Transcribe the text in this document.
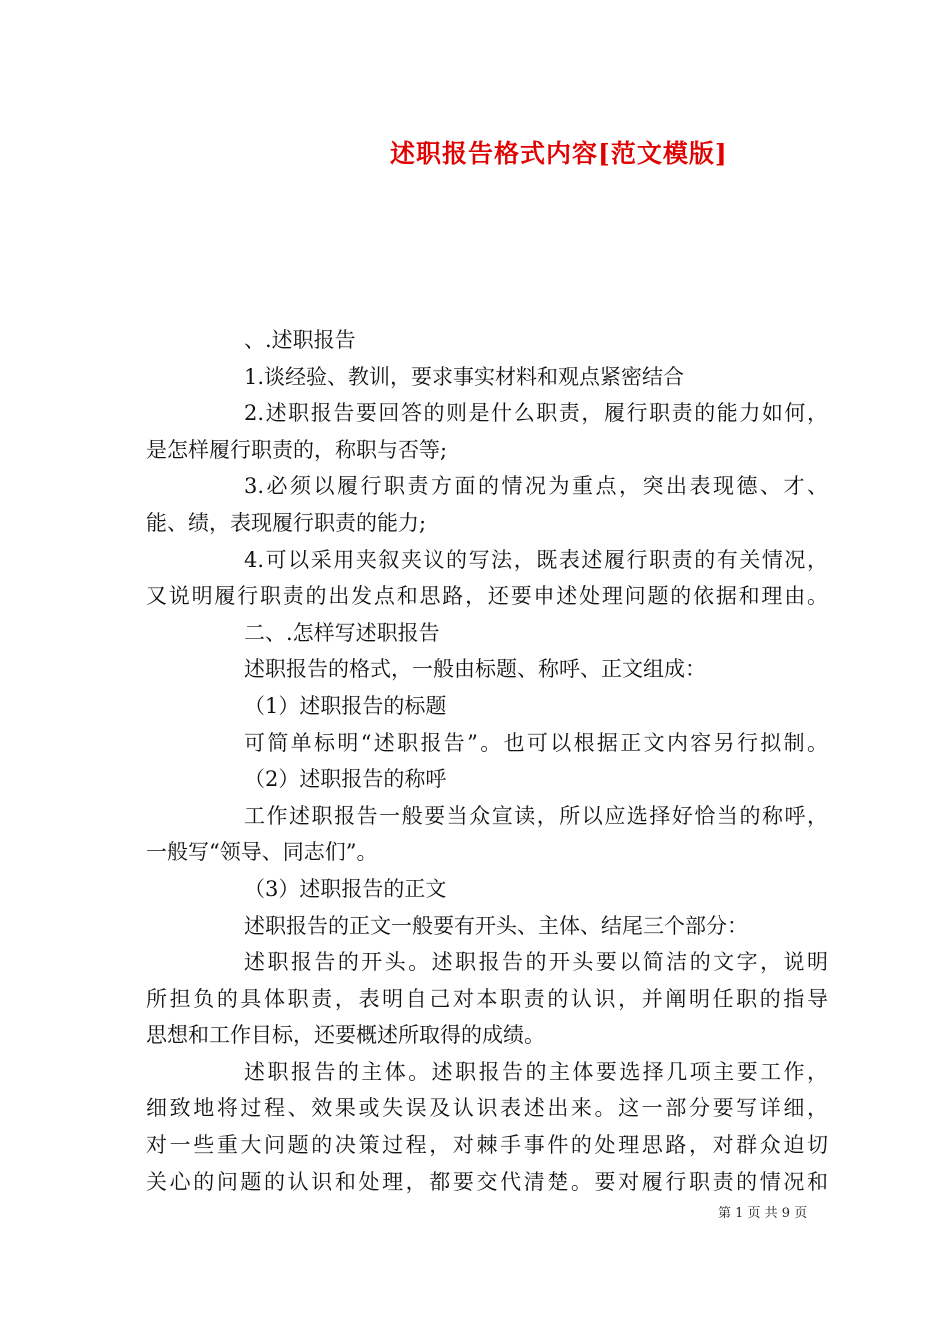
述职报告格式内容[范文模版]
、.述职报告
1.谈经验、教训，要求事实材料和观点紧密结合
2.述职报告要回答的则是什么职责，履行职责的能力如何，
是怎样履行职责的，称职与否等;
3.必须以履行职责方面的情况为重点，突出表现德、才、
能、绩，表现履行职责的能力;
4.可以采用夹叙夹议的写法，既表述履行职责的有关情况，
又说明履行职责的出发点和思路，还要申述处理问题的依据和理由。
二、.怎样写述职报告
述职报告的格式，一般由标题、称呼、正文组成：
（1）述职报告的标题
可简单标明“述职报告”。也可以根据正文内容另行拟制。
（2）述职报告的称呼
工作述职报告一般要当众宣读，所以应选择好恰当的称呼，
一般写“领导、同志们”。
（3）述职报告的正文
述职报告的正文一般要有开头、主体、结尾三个部分：
述职报告的开头。述职报告的开头要以简洁的文字，说明
所担负的具体职责，表明自己对本职责的认识，并阐明任职的指导
思想和工作目标，还要概述所取得的成绩。
述职报告的主体。述职报告的主体要选择几项主要工作，
细致地将过程、效果或失误及认识表述出来。这一部分要写详细，
对一些重大问题的决策过程，对棘手事件的处理思路，对群众迫切
关心的问题的认识和处理，都要交代清楚。要对履行职责的情况和
第 1 页 共 9 页
